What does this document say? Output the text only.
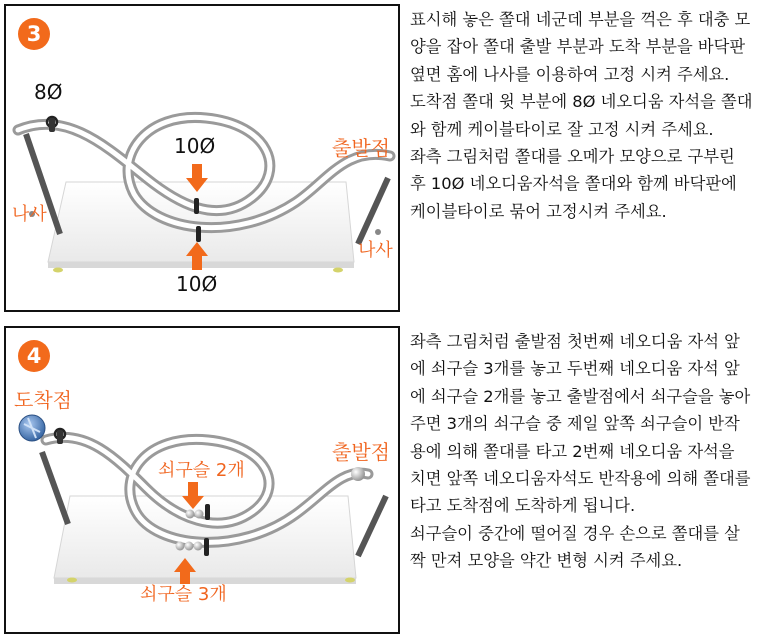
3
8Ø
10Ø
10Ø
출발점
나사
나사

표시해 놓은 쫄대 네군데 부분을 꺽은 후 대충 모양을 잡아 쫄대 출발 부분과 도착 부분을 바닥판 옆면 홈에 나사를 이용하여 고정 시켜 주세요.

도착점 쫄대 윗 부분에 8Ø 네오디움 자석을 쫄대와 함께 케이블타이로 잘 고정 시켜 주세요.

좌측 그림처럼 쫄대를 오메가 모양으로 구부린 후 10Ø 네오디움자석을 쫄대와 함께 바닥판에 케이블타이로 묶어 고정시켜 주세요.

4
도착점
출발점
쇠구슬 2개
쇠구슬 3개

좌측 그림처럼 출발점 첫번째 네오디움 자석 앞에 쇠구슬 3개를 놓고 두번째 네오디움 자석 앞에 쇠구슬 2개를 놓고 출발점에서 쇠구슬을 놓아 주면 3개의 쇠구슬 중 제일 앞쪽 쇠구슬이 반작용에 의해 쫄대를 타고 2번째 네오디움 자석을 치면 앞쪽 네오디움자석도 반작용에 의해 쫄대를 타고 도착점에 도착하게 됩니다.

쇠구슬이 중간에 떨어질 경우 손으로 쫄대를 살짝 만져 모양을 약간 변형 시켜 주세요.
